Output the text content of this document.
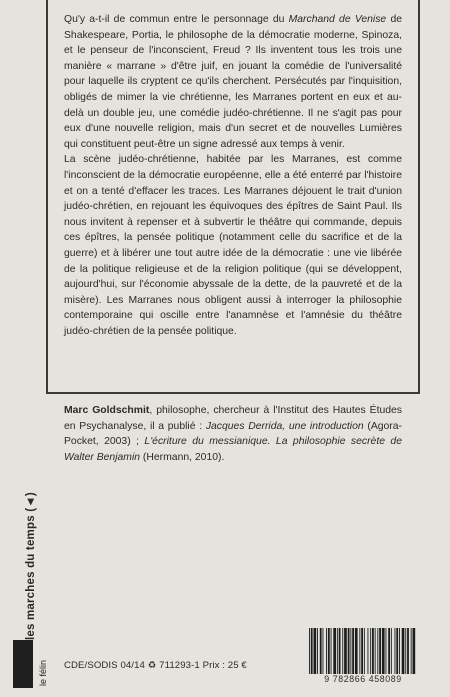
Qu'y a-t-il de commun entre le personnage du Marchand de Venise de Shakespeare, Portia, le philosophe de la démocratie moderne, Spinoza, et le penseur de l'inconscient, Freud ? Ils inventent tous les trois une manière « marrane » d'être juif, en jouant la comédie de l'universalité pour laquelle ils cryptent ce qu'ils cherchent. Persécutés par l'inquisition, obligés de mimer la vie chrétienne, les Marranes portent en eux et au-delà un double jeu, une comédie judéo-chrétienne. Il ne s'agit pas pour eux d'une nouvelle religion, mais d'un secret et de nouvelles Lumières qui constituent peut-être un signe adressé aux temps à venir.

La scène judéo-chrétienne, habitée par les Marranes, est comme l'inconscient de la démocratie européenne, elle a été enterré par l'histoire et on a tenté d'effacer les traces. Les Marranes déjouent le trait d'union judéo-chrétien, en rejouant les équivoques des épîtres de Saint Paul. Ils nous invitent à repenser et à subvertir le théâtre qui commande, depuis ces épîtres, la pensée politique (notamment celle du sacrifice et de la guerre) et à libérer une tout autre idée de la démocratie : une vie libérée de la politique religieuse et de la religion politique (qui se développent, aujourd'hui, sur l'économie abyssale de la dette, de la pauvreté et de la misère). Les Marranes nous obligent aussi à interroger la philosophie contemporaine qui oscille entre l'anamnèse et l'amnésie du théâtre judéo-chrétien de la pensée politique.

Marc Goldschmit, philosophe, chercheur à l'Institut des Hautes Études en Psychanalyse, il a publié : Jacques Derrida, une introduction (Agora-Pocket, 2003) ; L'écriture du messianique. La philosophie secrète de Walter Benjamin (Hermann, 2010).
les marches du temps (◄)
le félin CDE/SODIS 04/14 ♻ 711293-1 Prix : 25 €
9 782866 458089
